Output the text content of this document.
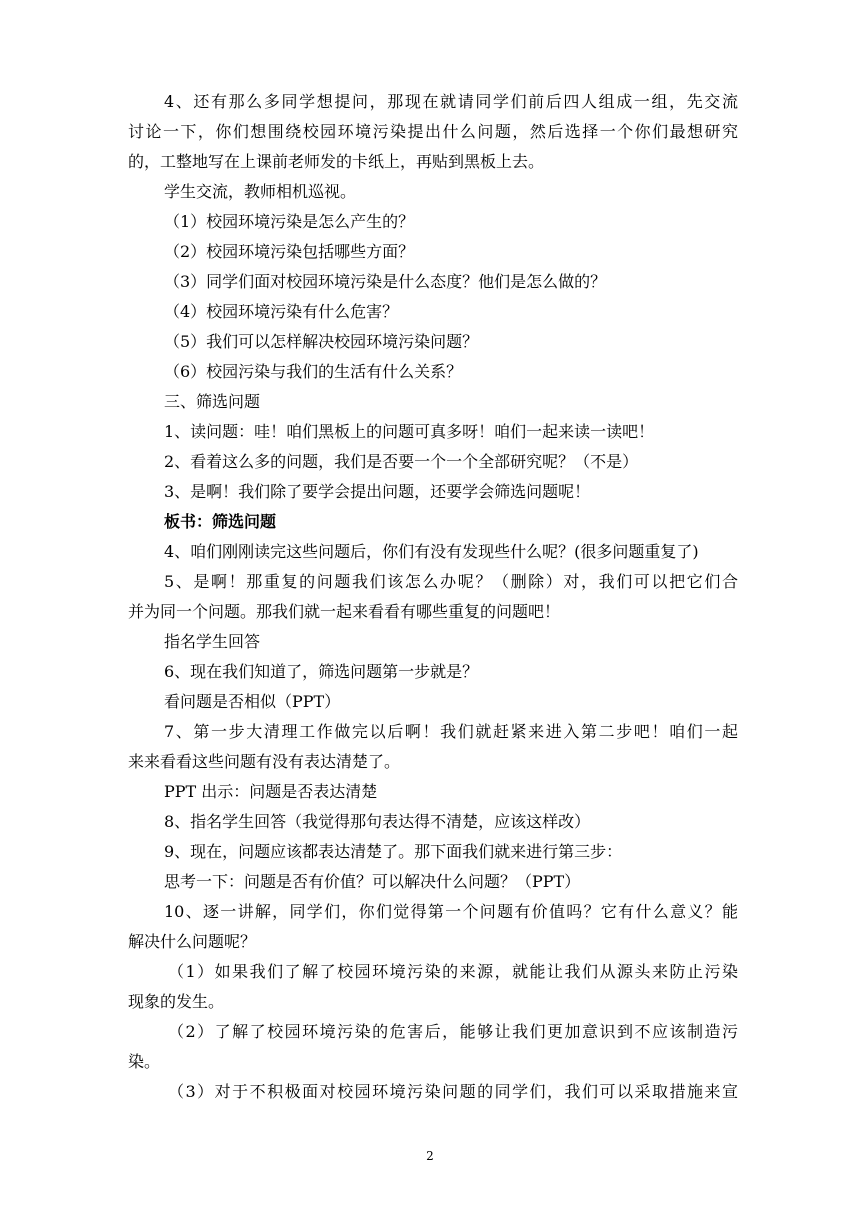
4、还有那么多同学想提问，那现在就请同学们前后四人组成一组，先交流
讨论一下，你们想围绕校园环境污染提出什么问题，然后选择一个你们最想研究
的，工整地写在上课前老师发的卡纸上，再贴到黑板上去。
学生交流，教师相机巡视。
（1）校园环境污染是怎么产生的？
（2）校园环境污染包括哪些方面？
（3）同学们面对校园环境污染是什么态度？他们是怎么做的？
（4）校园环境污染有什么危害？
（5）我们可以怎样解决校园环境污染问题？
（6）校园污染与我们的生活有什么关系？
三、筛选问题
1、读问题：哇！咱们黑板上的问题可真多呀！咱们一起来读一读吧！
2、看着这么多的问题，我们是否要一个一个全部研究呢？（不是）
3、是啊！我们除了要学会提出问题，还要学会筛选问题呢！
板书：筛选问题
4、咱们刚刚读完这些问题后，你们有没有发现些什么呢？(很多问题重复了)
5、是啊！那重复的问题我们该怎么办呢？（删除）对，我们可以把它们合
并为同一个问题。那我们就一起来看看有哪些重复的问题吧！
指名学生回答
6、现在我们知道了，筛选问题第一步就是？
看问题是否相似（PPT）
7、第一步大清理工作做完以后啊！我们就赶紧来进入第二步吧！咱们一起
来来看看这些问题有没有表达清楚了。
PPT 出示：问题是否表达清楚
8、指名学生回答（我觉得那句表达得不清楚，应该这样改）
9、现在，问题应该都表达清楚了。那下面我们就来进行第三步：
思考一下：问题是否有价值？可以解决什么问题？（PPT）
10、逐一讲解，同学们，你们觉得第一个问题有价值吗？它有什么意义？能
解决什么问题呢？
（1）如果我们了解了校园环境污染的来源，就能让我们从源头来防止污染
现象的发生。
（2）了解了校园环境污染的危害后，能够让我们更加意识到不应该制造污
染。
（3）对于不积极面对校园环境污染问题的同学们，我们可以采取措施来宣
2
